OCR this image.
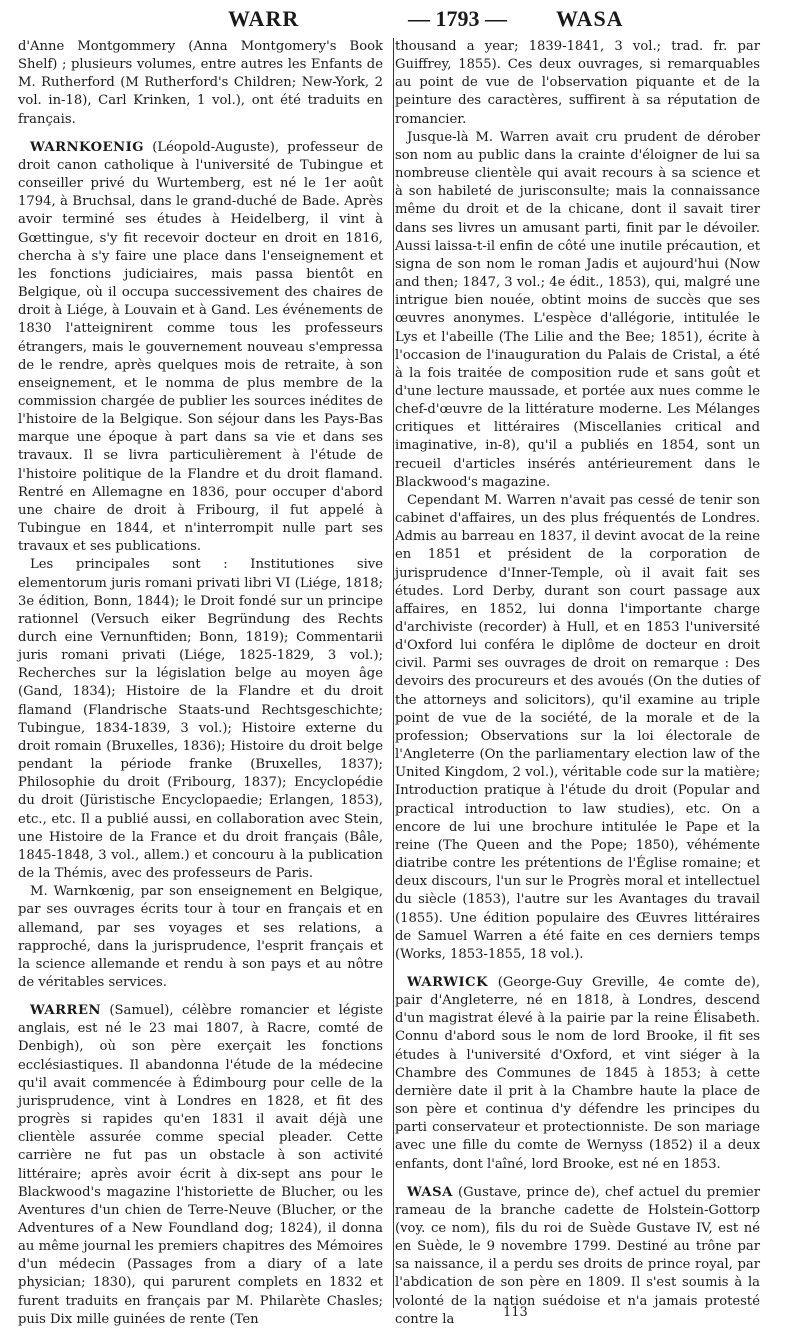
WARR	— 1793 — WASA

d'Anne Montgommery (Anna Montgomery's Book Shelf) ; plusieurs volumes, entre autres les Enfants de M. Rutherford (M Rutherford's Children; New-York, 2 vol. in-18), Carl Krinken, 1 vol.), ont été traduits en français.

WARNKOENIG (Léopold-Auguste), professeur de droit canon catholique à l'université de Tubingue et conseiller privé du Wurtemberg, est né le 1er août 1794, à Bruchsal, dans le grand-duché de Bade. Après avoir terminé ses études à Heidelberg, il vint à Gœttingue, s'y fit recevoir docteur en droit en 1816, chercha à s'y faire une place dans l'enseignement et les fonctions judiciaires, mais passa bientôt en Belgique, où il occupa successivement des chaires de droit à Liége, à Louvain et à Gand. Les événements de 1830 l'atteignirent comme tous les professeurs étrangers, mais le gouvernement nouveau s'empressa de le rendre, après quelques mois de retraite, à son enseignement, et le nomma de plus membre de la commission chargée de publier les sources inédites de l'histoire de la Belgique. Son séjour dans les Pays-Bas marque une époque à part dans sa vie et dans ses travaux. Il se livra particulièrement à l'étude de l'histoire politique de la Flandre et du droit flamand. Rentré en Allemagne en 1836, pour occuper d'abord une chaire de droit à Fribourg, il fut appelé à Tubingue en 1844, et n'interrompit nulle part ses travaux et ses publications.

Les principales sont : Institutiones sive elementorum juris romani privati libri VI (Liége, 1818; 3e édition, Bonn, 1844); le Droit fondé sur un principe rationnel (Versuch eiker Begründung des Rechts durch eine Vernunftiden; Bonn, 1819); Commentarii juris romani privati (Liége, 1825-1829, 3 vol.); Recherches sur la législation belge au moyen âge (Gand, 1834); Histoire de la Flandre et du droit flamand (Flandrische Staats-und Rechtsgeschichte; Tubingue, 1834-1839, 3 vol.); Histoire externe du droit romain (Bruxelles, 1836); Histoire du droit belge pendant la période franke (Bruxelles, 1837); Philosophie du droit (Fribourg, 1837); Encyclopédie du droit (Jüristische Encyclopaedie; Erlangen, 1853), etc., etc. Il a publié aussi, en collaboration avec Stein, une Histoire de la France et du droit français (Bâle, 1845-1848, 3 vol., allem.) et concouru à la publication de la Thémis, avec des professeurs de Paris.

M. Warnkœnig, par son enseignement en Belgique, par ses ouvrages écrits tour à tour en français et en allemand, par ses voyages et ses relations, a rapproché, dans la jurisprudence, l'esprit français et la science allemande et rendu à son pays et au nôtre de véritables services.

WARREN (Samuel), célèbre romancier et légiste anglais, est né le 23 mai 1807, à Racre, comté de Denbigh), où son père exerçait les fonctions ecclésiastiques. Il abandonna l'étude de la médecine qu'il avait commencée à Édimbourg pour celle de la jurisprudence, vint à Londres en 1828, et fit des progrès si rapides qu'en 1831 il avait déjà une clientèle assurée comme special pleader. Cette carrière ne fut pas un obstacle à son activité littéraire; après avoir écrit à dix-sept ans pour le Blackwood's magazine l'historiette de Blucher, ou les Aventures d'un chien de Terre-Neuve (Blucher, or the Adventures of a New Foundland dog; 1824), il donna au même journal les premiers chapitres des Mémoires d'un médecin (Passages from a diary of a late physician; 1830), qui parurent complets en 1832 et furent traduits en français par M. Philarète Chasles; puis Dix mille guinées de rente (Ten

thousand a year; 1839-1841, 3 vol.; trad. fr. par Guiffrey, 1855). Ces deux ouvrages, si remarquables au point de vue de l'observation piquante et de la peinture des caractères, suffirent à sa réputation de romancier.

Jusque-là M. Warren avait cru prudent de dérober son nom au public dans la crainte d'éloigner de lui sa nombreuse clientèle qui avait recours à sa science et à son habileté de jurisconsulte; mais la connaissance même du droit et de la chicane, dont il savait tirer dans ses livres un amusant parti, finit par le dévoiler. Aussi laissa-t-il enfin de côté une inutile précaution, et signa de son nom le roman Jadis et aujourd'hui (Now and then; 1847, 3 vol.; 4e édit., 1853), qui, malgré une intrigue bien nouée, obtint moins de succès que ses œuvres anonymes. L'espèce d'allégorie, intitulée le Lys et l'abeille (The Lilie and the Bee; 1851), écrite à l'occasion de l'inauguration du Palais de Cristal, a été à la fois traitée de composition rude et sans goût et d'une lecture maussade, et portée aux nues comme le chef-d'œuvre de la littérature moderne. Les Mélanges critiques et littéraires (Miscellanies critical and imaginative, in-8), qu'il a publiés en 1854, sont un recueil d'articles insérés antérieurement dans le Blackwood's magazine.

Cependant M. Warren n'avait pas cessé de tenir son cabinet d'affaires, un des plus fréquentés de Londres. Admis au barreau en 1837, il devint avocat de la reine en 1851 et président de la corporation de jurisprudence d'Inner-Temple, où il avait fait ses études. Lord Derby, durant son court passage aux affaires, en 1852, lui donna l'importante charge d'archiviste (recorder) à Hull, et en 1853 l'université d'Oxford lui conféra le diplôme de docteur en droit civil. Parmi ses ouvrages de droit on remarque : Des devoirs des procureurs et des avoués (On the duties of the attorneys and solicitors), qu'il examine au triple point de vue de la société, de la morale et de la profession; Observations sur la loi électorale de l'Angleterre (On the parliamentary election law of the United Kingdom, 2 vol.), véritable code sur la matière; Introduction pratique à l'étude du droit (Popular and practical introduction to law studies), etc. On a encore de lui une brochure intitulée le Pape et la reine (The Queen and the Pope; 1850), véhémente diatribe contre les prétentions de l'Église romaine; et deux discours, l'un sur le Progrès moral et intellectuel du siècle (1853), l'autre sur les Avantages du travail (1855). Une édition populaire des Œuvres littéraires de Samuel Warren a été faite en ces derniers temps (Works, 1853-1855, 18 vol.).

WARWICK (George-Guy Greville, 4e comte de), pair d'Angleterre, né en 1818, à Londres, descend d'un magistrat élevé à la pairie par la reine Élisabeth. Connu d'abord sous le nom de lord Brooke, il fit ses études à l'université d'Oxford, et vint siéger à la Chambre des Communes de 1845 à 1853; à cette dernière date il prit à la Chambre haute la place de son père et continua d'y défendre les principes du parti conservateur et protectionniste. De son mariage avec une fille du comte de Wernyss (1852) il a deux enfants, dont l'aîné, lord Brooke, est né en 1853.

WASA (Gustave, prince de), chef actuel du premier rameau de la branche cadette de Holstein-Gottorp (voy. ce nom), fils du roi de Suède Gustave IV, est né en Suède, le 9 novembre 1799. Destiné au trône par sa naissance, il a perdu ses droits de prince royal, par l'abdication de son père en 1809. Il s'est soumis à la volonté de la nation suédoise et n'a jamais protesté contre la	113
